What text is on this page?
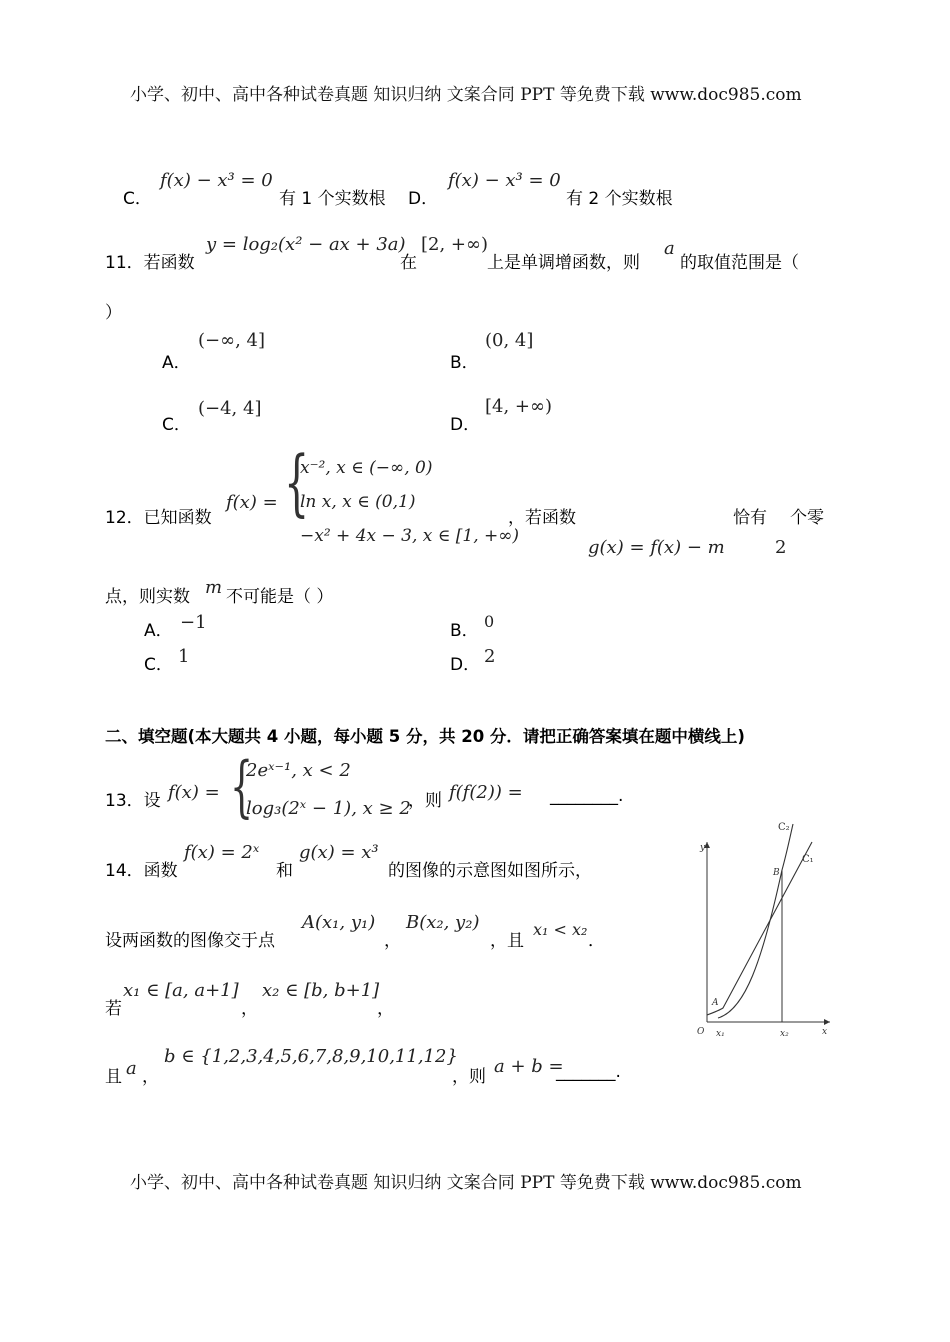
小学、初中、高中各种试卷真题 知识归纳 文案合同 PPT 等免费下载 www.doc985.com
C．
f(x) − x³ = 0
有 1 个实数根 D．
f(x) − x³ = 0
有 2 个实数根
11．若函数
y = log₂(x² − ax + 3a)
在
[2, +∞)
上是单调增函数，则
a
的取值范围是（
）
A．
(−∞, 4]
B．
(0, 4]
C．
(−4, 4]
D．
[4, +∞)
12．已知函数
f(x) = {
x⁻², x ∈ (−∞, 0)
ln x, x ∈ (0,1)
−x² + 4x − 3, x ∈ [1, +∞)
，若函数
g(x) = f(x) − m
恰有
2
个零
点，则实数 m 不可能是（ ）
A． −1	B． 0
C． 1	D． 2
二、填空题(本大题共 4 小题，每小题 5 分，共 20 分．请把正确答案填在题中横线上)
13．设 f(x) = {
2eˣ⁻¹, x < 2
log₃(2ˣ − 1), x ≥ 2
，则 f(f(2)) = ________.
14．函数
f(x) = 2ˣ
和
g(x) = x³
的图像的示意图如图所示，
设两函数的图像交于点
A(x₁, y₁)
，
B(x₂, y₂)
，且
x₁ < x₂
．
若
x₁ ∈ [a, a+1]
，
x₂ ∈ [b, b+1]
，
且 a ，
b ∈ {1,2,3,4,5,6,7,8,9,10,11,12}
，则 a + b =
_______.
C₂
C₁
y
x
O
A
B
x₁	x₂
小学、初中、高中各种试卷真题 知识归纳 文案合同 PPT 等免费下载 www.doc985.com
